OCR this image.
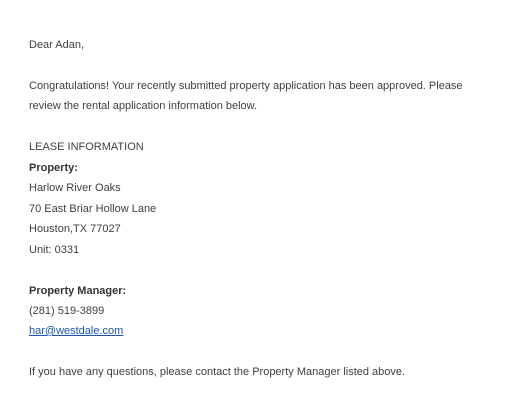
Dear Adan,
Congratulations! Your recently submitted property application has been approved. Please
review the rental application information below.
LEASE INFORMATION
Property:
Harlow River Oaks
70 East Briar Hollow Lane
Houston,TX 77027
Unit: 0331
Property Manager:
(281) 519-3899
har@westdale.com
If you have any questions, please contact the Property Manager listed above.
